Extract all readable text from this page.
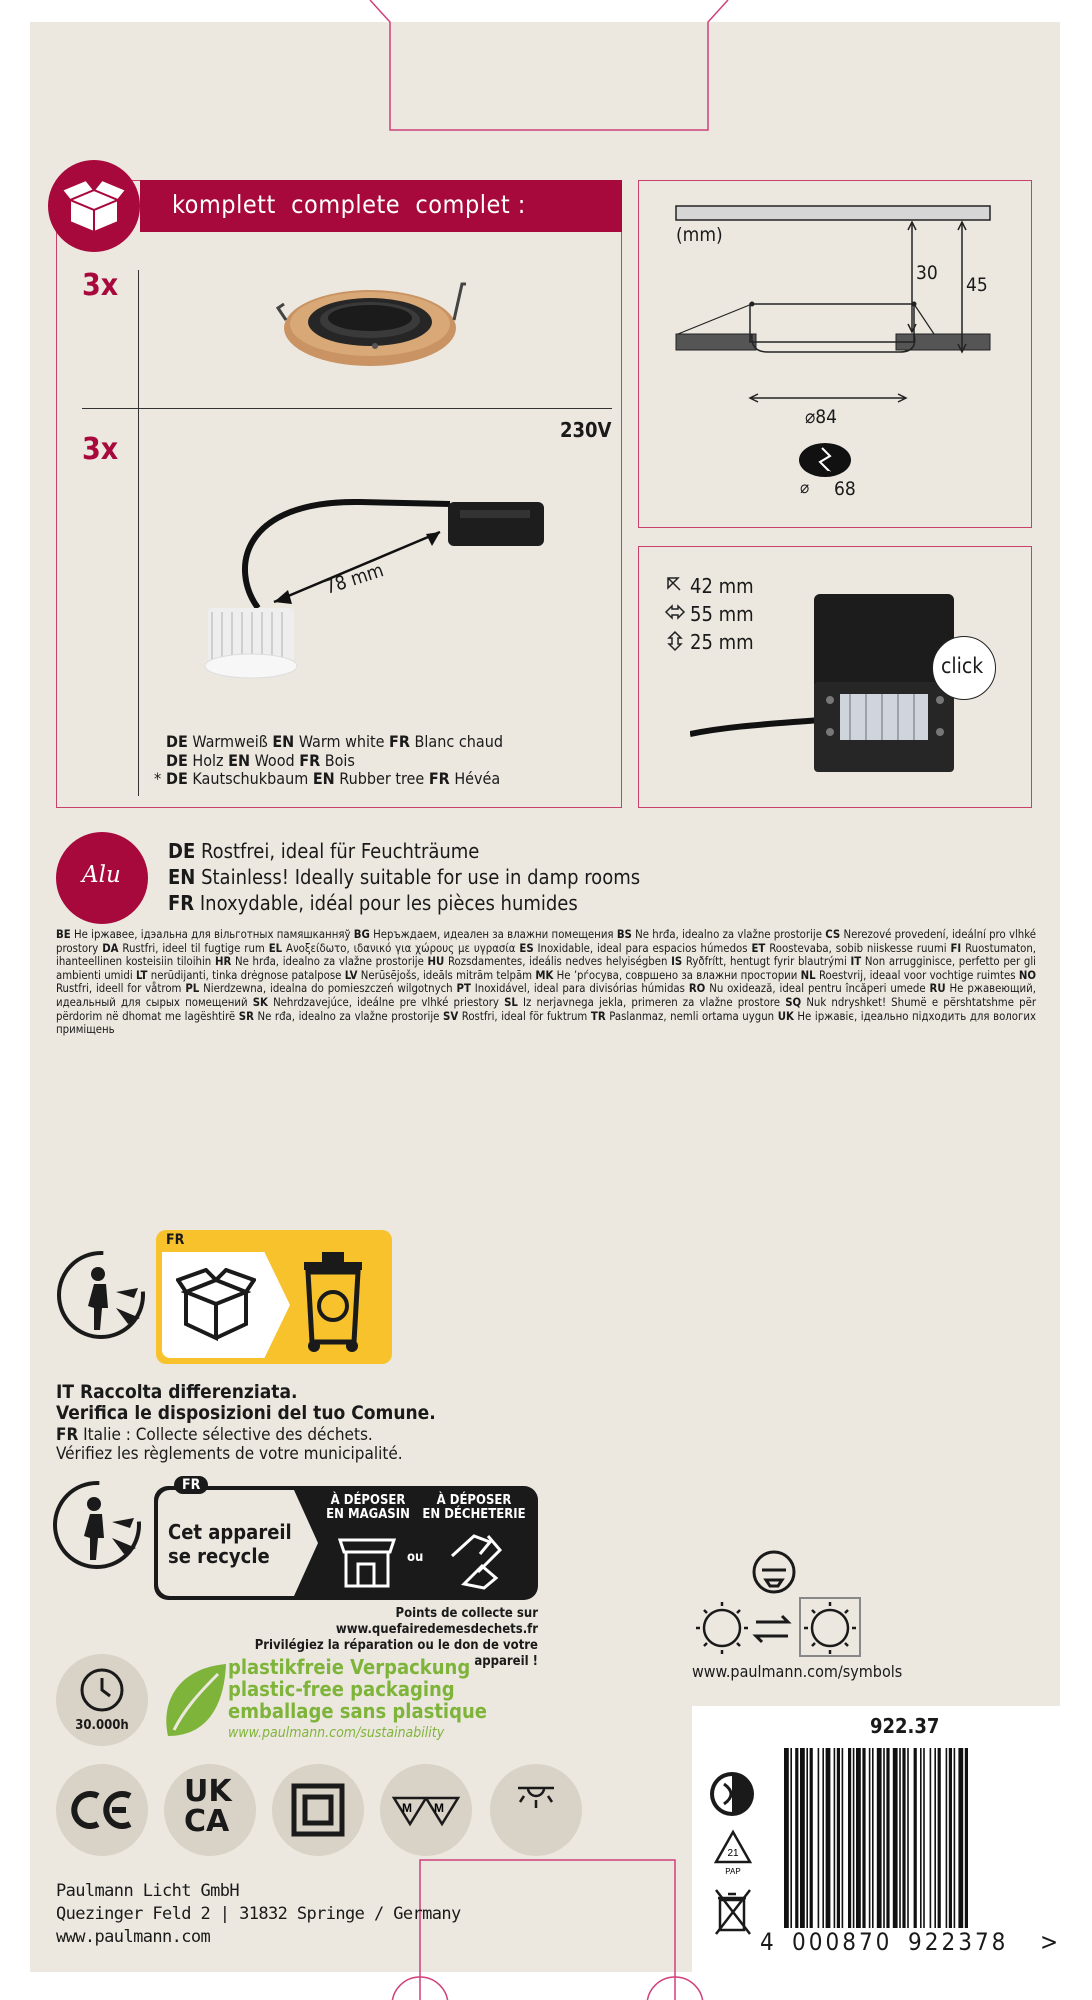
komplett  complete  complet :
3x
3x
230V
78 mm
DE Warmweiß EN Warm white FR Blanc chaud
DE Holz EN Wood FR Bois
* DE Kautschukbaum EN Rubber tree FR Hévéa
(mm)
30
45
⌀84
⌀ 68
42 mm
55 mm
25 mm
click
Alu
DE Rostfrei, ideal für Feuchträume
EN Stainless! Ideally suitable for use in damp rooms
FR Inoxydable, idéal pour les pièces humides
BE Не іржавее, ідэальна для вільготных памяшканняў BG Неръждаем, идеален за влажни помещения BS Ne hrđa, idealno za vlažne prostorije CS Nerezové provedení, ideální pro vlhké prostory DA Rustfri, ideel til fugtige rum EL Ανοξείδωτο, ιδανικό για χώρους με υγρασία ES Inoxidable, ideal para espacios húmedos ET Roostevaba, sobib niiskesse ruumi FI Ruostumaton, ihanteellinen kosteisiin tiloihin HR Ne hrđa, idealno za vlažne prostorije HU Rozsdamentes, ideális nedves helyiségben IS Ryðfrítt, hentugt fyrir blautrými IT Non arrugginisce, perfetto per gli ambienti umidi LT nerūdijanti, tinka drėgnose patalpose LV Nerūsējošs, ideāls mitrām telpām MK Не ’рѓосува, совршено за влажни простории NL Roestvrij, ideaal voor vochtige ruimtes NO Rustfri, ideell for våtrom PL Nierdzewna, idealna do pomieszczeń wilgotnych PT Inoxidável, ideal para divisórias húmidas RO Nu oxidează, ideal pentru încăperi umede RU Не ржавеющий, идеальный для сырых помещений SK Nehrdzavejúce, ideálne pre vlhké priestory SL Iz nerjavnega jekla, primeren za vlažne prostore SQ Nuk ndryshket! Shumë e përshtatshme për përdorim në dhomat me lagështirë SR Ne rđa, idealno za vlažne prostorije SV Rostfri, ideal för fuktrum TR Paslanmaz, nemli ortama uygun UK Не іржавіє, ідеально підходить для вологих приміщень
FR
IT Raccolta differenziata.
Verifica le disposizioni del tuo Comune.
FR Italie : Collecte sélective des déchets.
Vérifiez les règlements de votre municipalité.
FR
Cet appareil
se recycle
À DÉPOSER
EN MAGASIN
À DÉPOSER
EN DÉCHETERIE
ou
Points de collecte sur www.quefairedemesdechets.fr
Privilégiez la réparation ou le don de votre appareil !
www.paulmann.com/symbols
30.000h
plastikfreie Verpackung
plastic-free packaging
emballage sans plastique
www.paulmann.com/sustainability
UK
CA	M M
Paulmann Licht GmbH
Quezinger Feld 2 | 31832 Springe / Germany
www.paulmann.com
922.37
21
PAP
4 000870 922378 >
